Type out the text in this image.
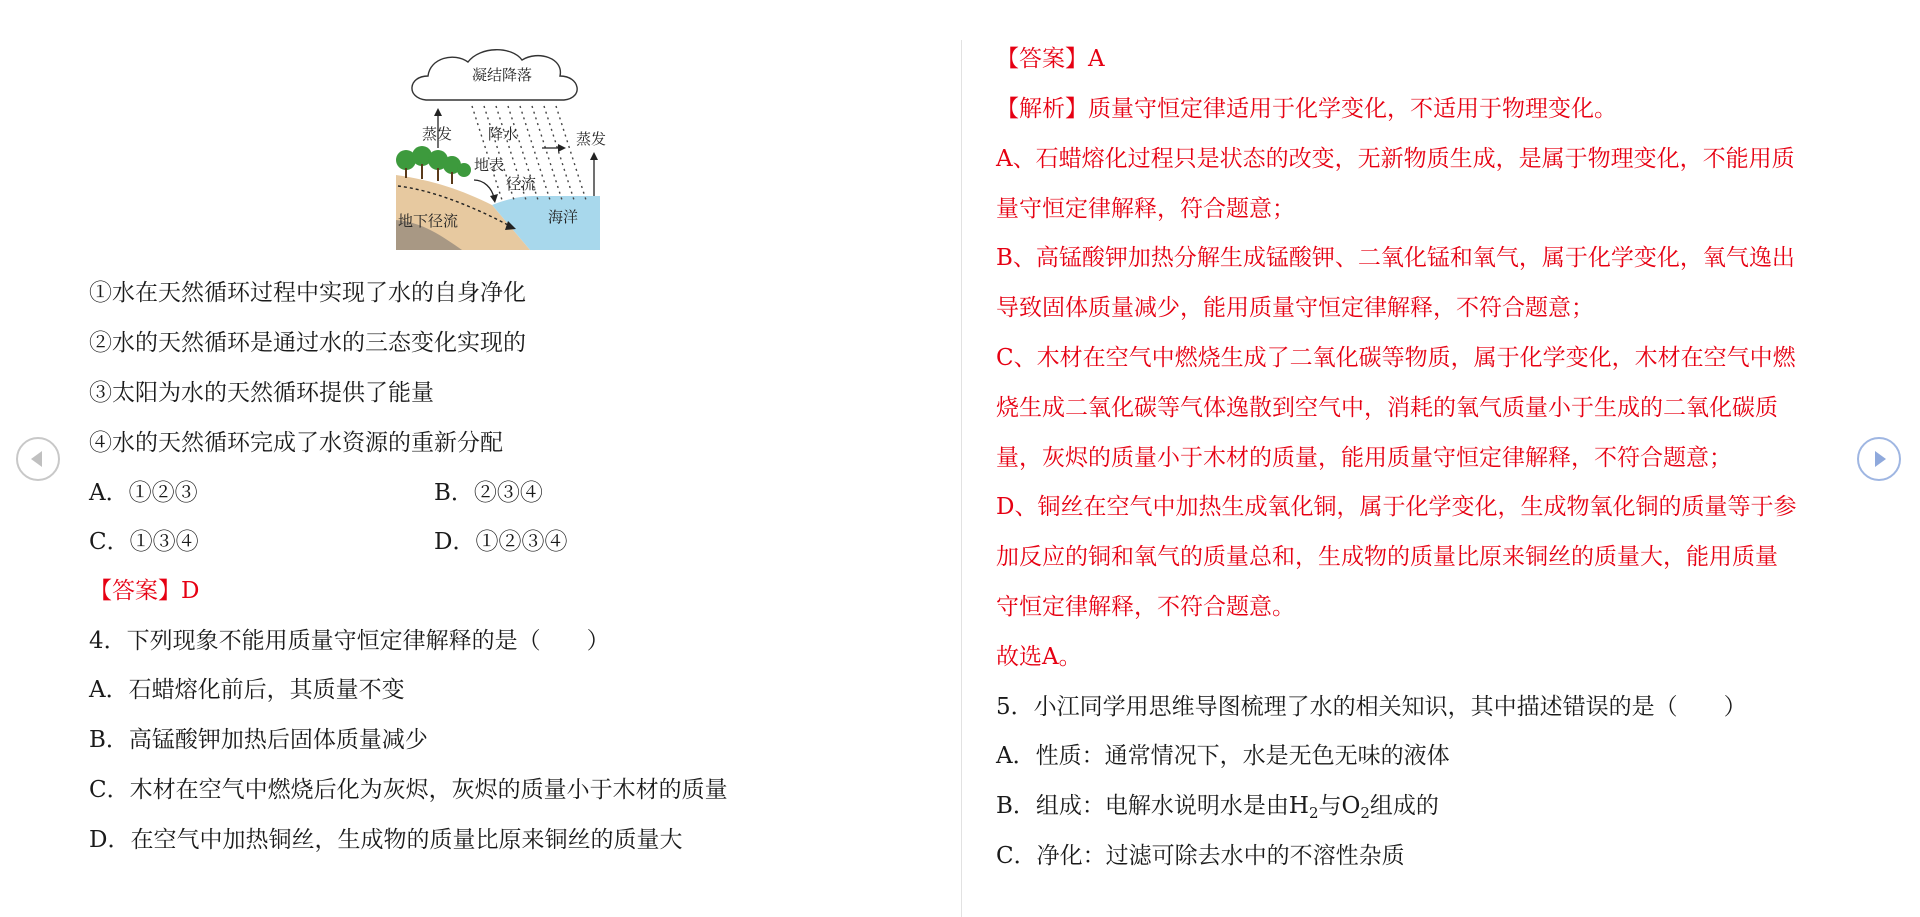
凝结降落
蒸发 降水	蒸发
地表
径流
地下径流	海洋
①水在天然循环过程中实现了水的自身净化
②水的天然循环是通过水的三态变化实现的
③太阳为水的天然循环提供了能量
④水的天然循环完成了水资源的重新分配
A．①②③	B．②③④
C．①③④	D．①②③④
【答案】D
4．下列现象不能用质量守恒定律解释的是（　　）
A．石蜡熔化前后，其质量不变
B．高锰酸钾加热后固体质量减少
C．木材在空气中燃烧后化为灰烬，灰烬的质量小于木材的质量
D．在空气中加热铜丝，生成物的质量比原来铜丝的质量大
【答案】A
【解析】质量守恒定律适用于化学变化，不适用于物理变化。
A、石蜡熔化过程只是状态的改变，无新物质生成，是属于物理变化，不能用质
量守恒定律解释，符合题意；
B、高锰酸钾加热分解生成锰酸钾、二氧化锰和氧气，属于化学变化，氧气逸出
导致固体质量减少，能用质量守恒定律解释，不符合题意；
C、木材在空气中燃烧生成了二氧化碳等物质，属于化学变化，木材在空气中燃
烧生成二氧化碳等气体逸散到空气中，消耗的氧气质量小于生成的二氧化碳质
量，灰烬的质量小于木材的质量，能用质量守恒定律解释，不符合题意；
D、铜丝在空气中加热生成氧化铜，属于化学变化，生成物氧化铜的质量等于参
加反应的铜和氧气的质量总和，生成物的质量比原来铜丝的质量大，能用质量
守恒定律解释，不符合题意。
故选A。
5．小江同学用思维导图梳理了水的相关知识，其中描述错误的是（　　）
A．性质：通常情况下，水是无色无味的液体
B．组成：电解水说明水是由$H_2$与$O_2$组成的
C．净化：过滤可除去水中的不溶性杂质
